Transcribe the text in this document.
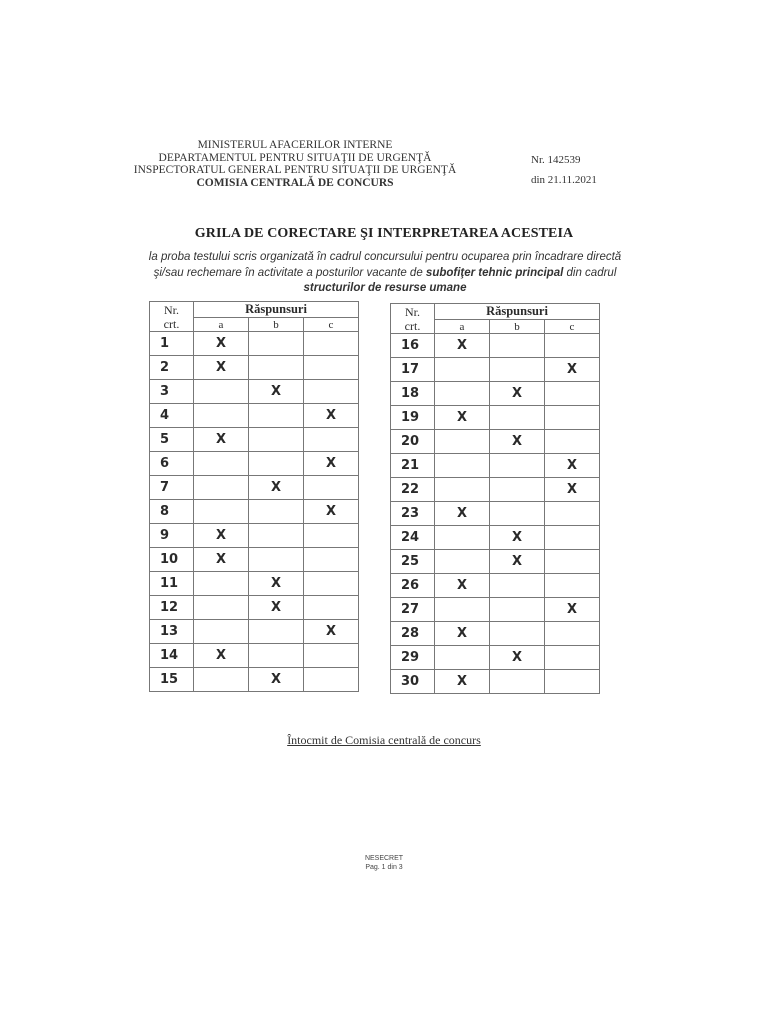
MINISTERUL AFACERILOR INTERNE
DEPARTAMENTUL PENTRU SITUAŢII DE URGENŢĂ
INSPECTORATUL GENERAL PENTRU SITUAŢII DE URGENŢĂ
COMISIA CENTRALĂ DE CONCURS
Nr. 142539
din 21.11.2021
GRILA DE CORECTARE ŞI INTERPRETAREA ACESTEIA
la proba testului scris organizată în cadrul concursului pentru ocuparea prin încadrare directă şi/sau rechemare în activitate a posturilor vacante de subofiţer tehnic principal din cadrul structurilor de resurse umane
Nr.
crt.	Răspunsuri		
	a	b	c
1	X		
2	X		
3		X	
4			X
5	X		
6			X
7		X	
8			X
9	X		
10	X		
11		X	
12		X	
13			X
14	X		
15		X	
Nr.
crt.	Răspunsuri		
	a	b	c
16	X		
17			X
18		X	
19	X		
20		X	
21			X
22			X
23	X		
24		X	
25		X	
26	X		
27			X
28	X		
29		X	
30	X		
Întocmit de Comisia centrală de concurs
NESECRET
Pag. 1 din 3
